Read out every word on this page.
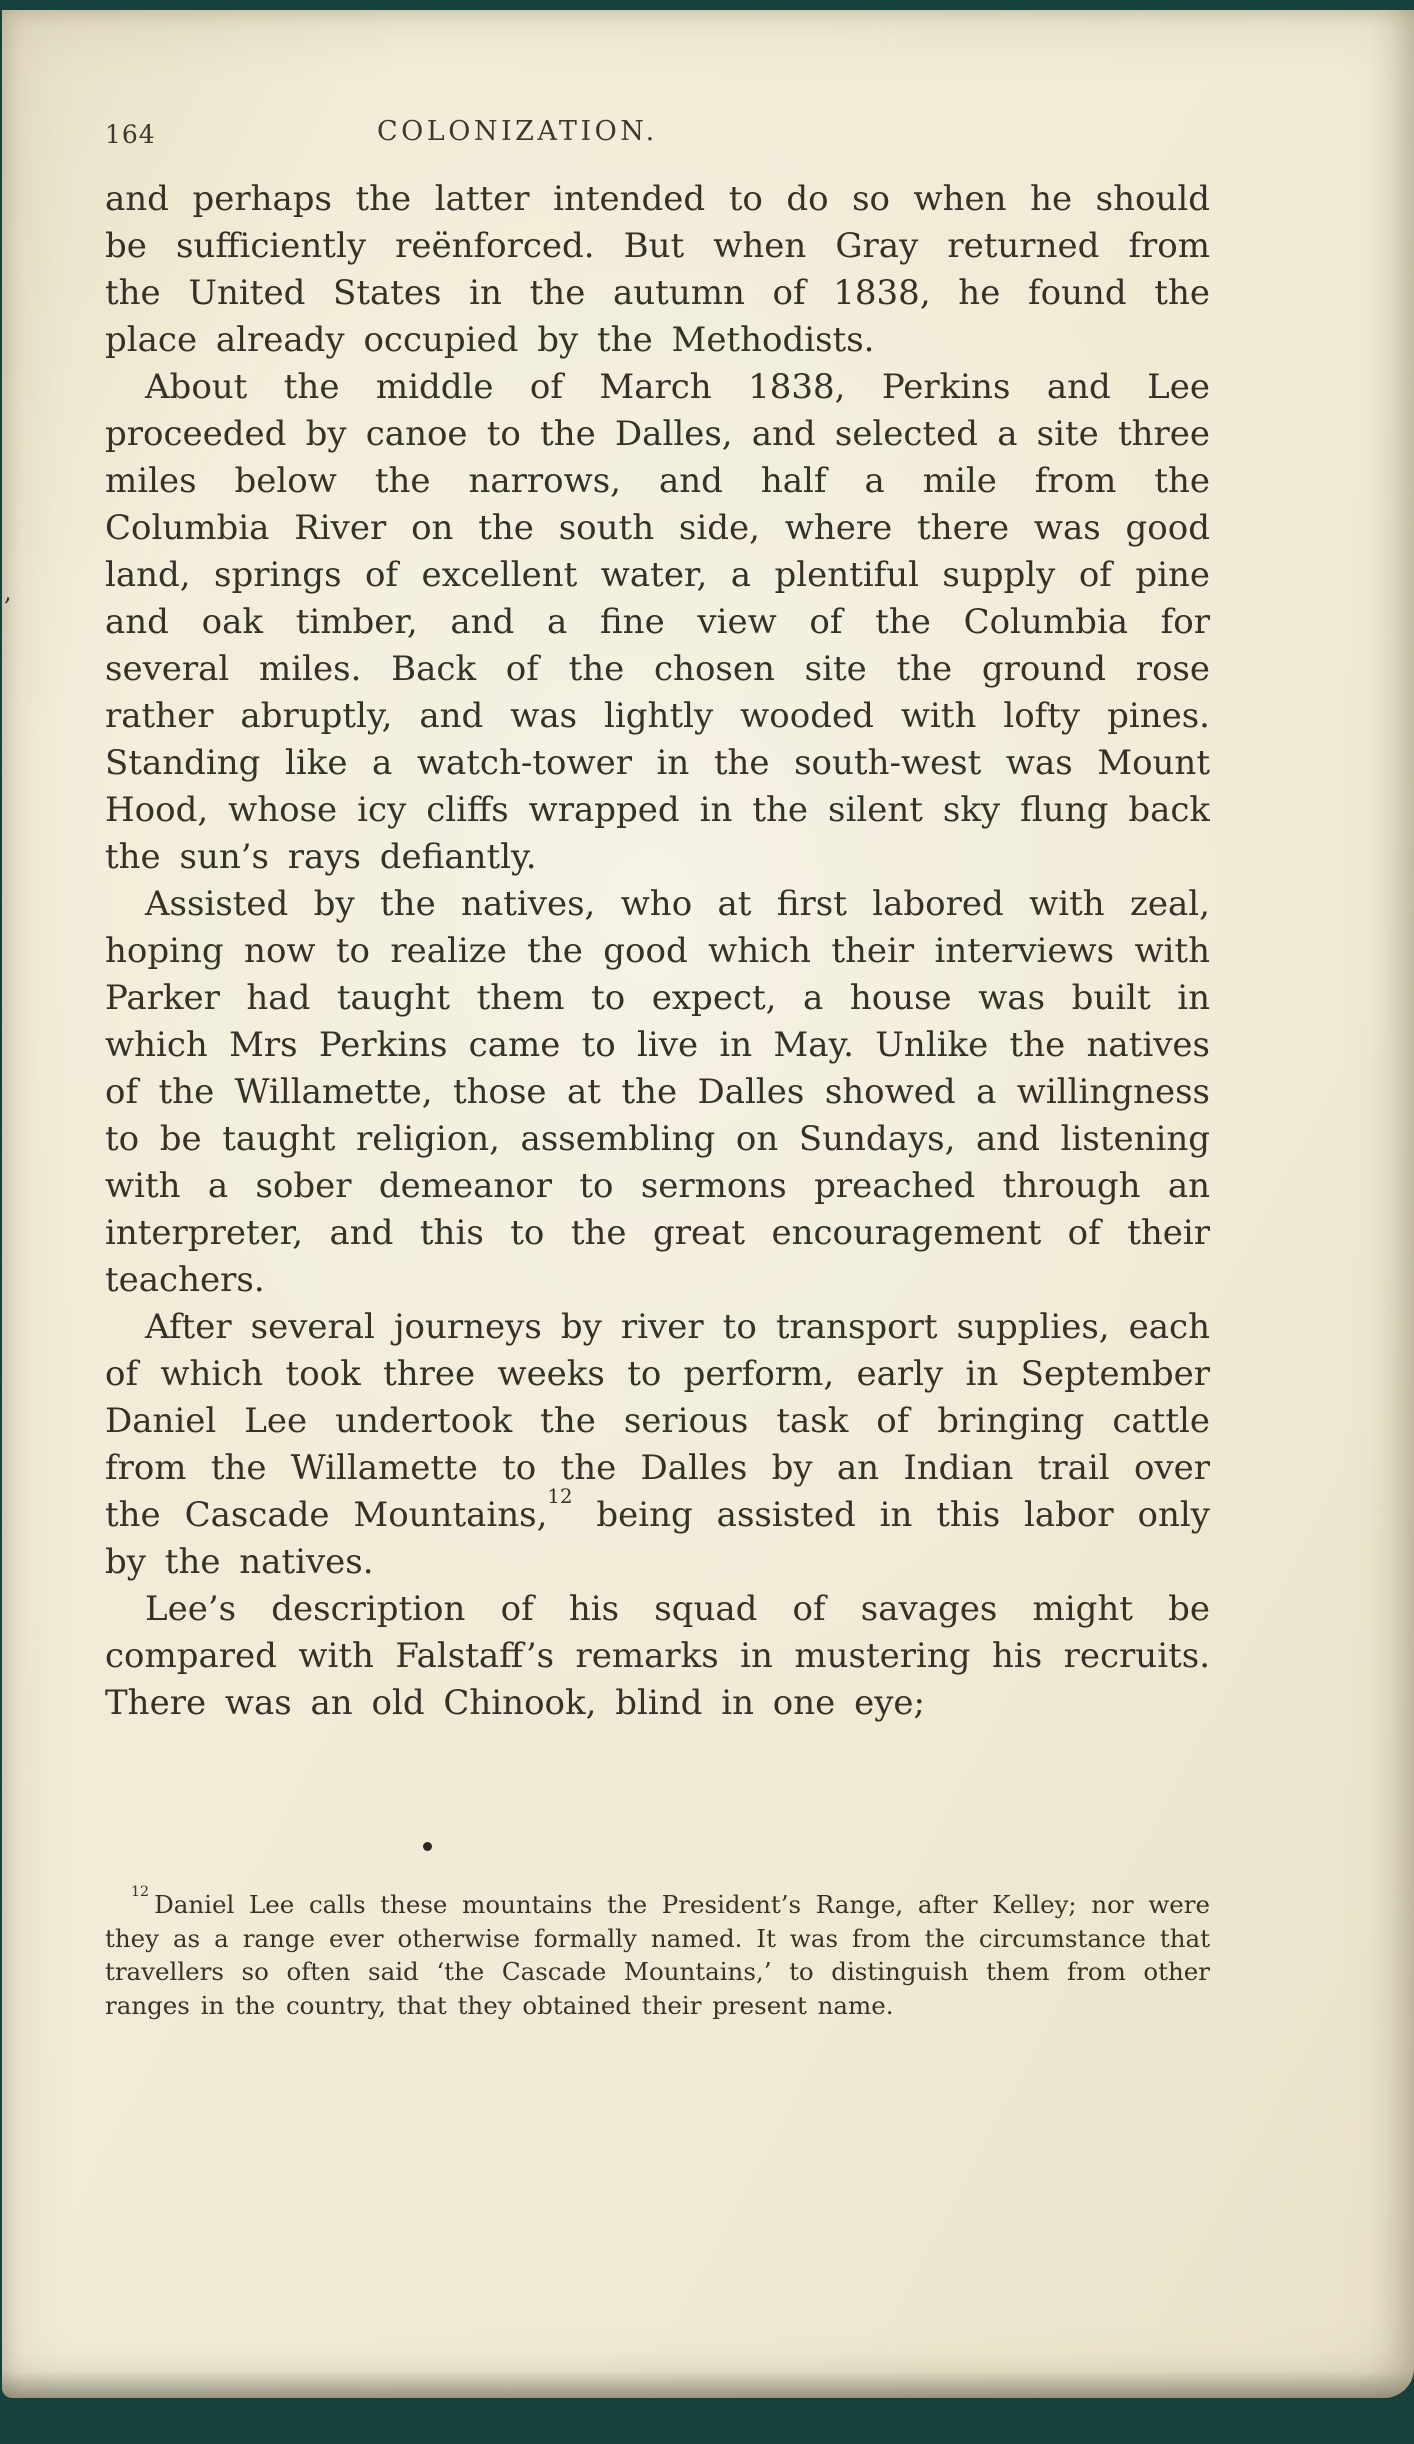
,
164	COLONIZATION.

and perhaps the latter intended to do so when he should be sufficiently reënforced. But when Gray returned from the United States in the autumn of 1838, he found the place already occupied by the Methodists.

About the middle of March 1838, Perkins and Lee proceeded by canoe to the Dalles, and selected a site three miles below the narrows, and half a mile from the Columbia River on the south side, where there was good land, springs of excellent water, a plentiful supply of pine and oak timber, and a fine view of the Columbia for several miles. Back of the chosen site the ground rose rather abruptly, and was lightly wooded with lofty pines. Standing like a watch-tower in the south-west was Mount Hood, whose icy cliffs wrapped in the silent sky flung back the sun’s rays defiantly.

Assisted by the natives, who at first labored with zeal, hoping now to realize the good which their interviews with Parker had taught them to expect, a house was built in which Mrs Perkins came to live in May. Unlike the natives of the Willamette, those at the Dalles showed a willingness to be taught religion, assembling on Sundays, and listening with a sober demeanor to sermons preached through an interpreter, and this to the great encouragement of their teachers.

After several journeys by river to transport supplies, each of which took three weeks to perform, early in September Daniel Lee undertook the serious task of bringing cattle from the Willamette to the Dalles by an Indian trail over the Cascade Mountains,$^{12}$ being assisted in this labor only by the natives.

Lee’s description of his squad of savages might be compared with Falstaff’s remarks in mustering his recruits. There was an old Chinook, blind in one eye;

$^{12}$ Daniel Lee calls these mountains the President’s Range, after Kelley; nor were they as a range ever otherwise formally named. It was from the circumstance that travellers so often said ‘the Cascade Mountains,’ to distinguish them from other ranges in the country, that they obtained their present name.
